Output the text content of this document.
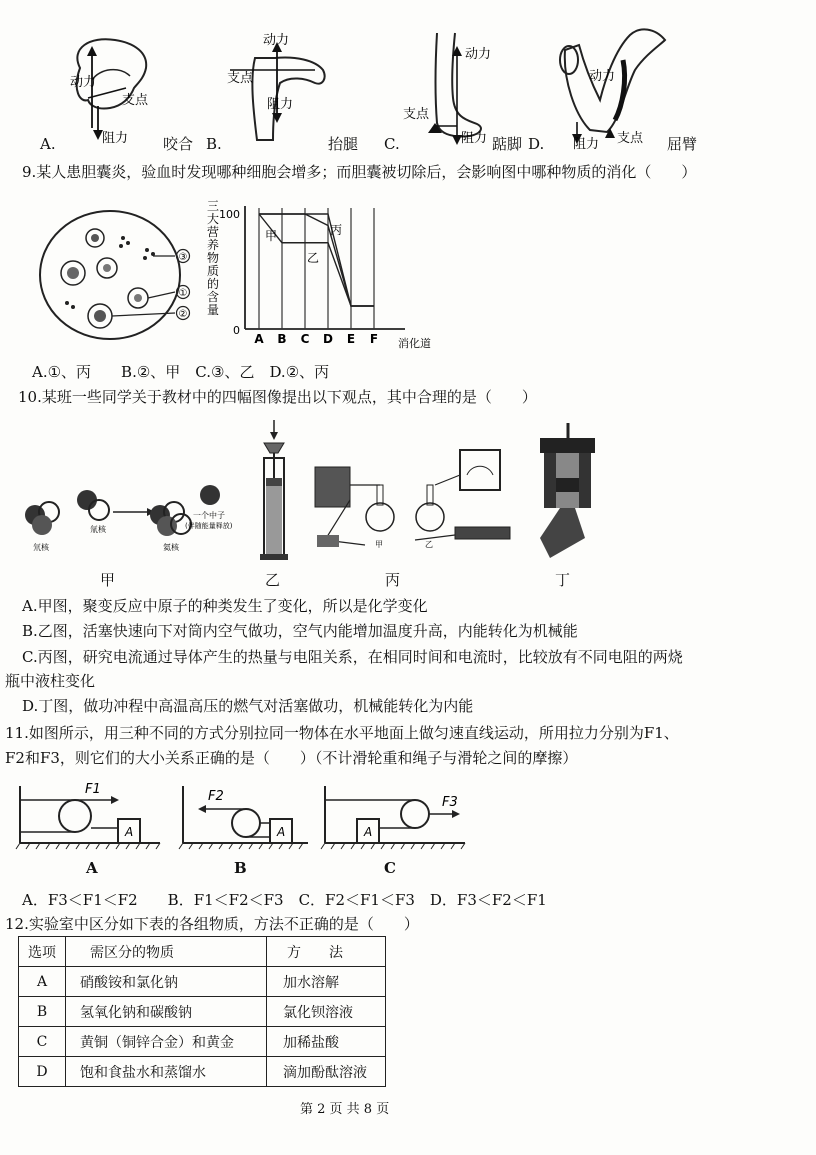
动力
支点
阻力
A.	咬合
动力
支点
阻力
B.	抬腿
动力
支点
阻力
C.	踮脚
动力
支点
阻力
D.	屈臂
9.某人患胆囊炎，验血时发现哪种细胞会增多；而胆囊被切除后，会影响图中哪种物质的消化（　　）
③
①
②
三大营养物质的含量
100
0
A B C D E F
甲
乙
丙
消化道
A.①、丙　　B.②、甲　C.③、乙　D.②、丙
10.某班一些同学关于教材中的四幅图像提出以下观点，其中合理的是（　　）
氘核
氚核
氦核
一个中子
(伴随能量释放)
甲	乙
甲	乙	丙	丁
A.甲图，聚变反应中原子的种类发生了变化，所以是化学变化
B.乙图，活塞快速向下对筒内空气做功，空气内能增加温度升高，内能转化为机械能
C.丙图，研究电流通过导体产生的热量与电阻关系，在相同时间和电流时，比较放有不同电阻的两烧
瓶中液柱变化
D.丁图，做功冲程中高温高压的燃气对活塞做功，机械能转化为内能
11.如图所示，用三种不同的方式分别拉同一物体在水平地面上做匀速直线运动，所用拉力分别为F1、
F2和F3，则它们的大小关系正确的是（　　）（不计滑轮重和绳子与滑轮之间的摩擦）
F1
A
F2
A
F3
A
A	B	C
A．F3＜F1＜F2　　B．F1＜F2＜F3　C．F2＜F1＜F3　D．F3＜F2＜F1
12.实验室中区分如下表的各组物质，方法不正确的是（　　）
选项	需区分的物质	方　　法
A	硝酸铵和氯化钠	加水溶解
B	氢氧化钠和碳酸钠	氯化钡溶液
C	黄铜（铜锌合金）和黄金	加稀盐酸
D	饱和食盐水和蒸馏水	滴加酚酞溶液
第 2 页 共 8 页
